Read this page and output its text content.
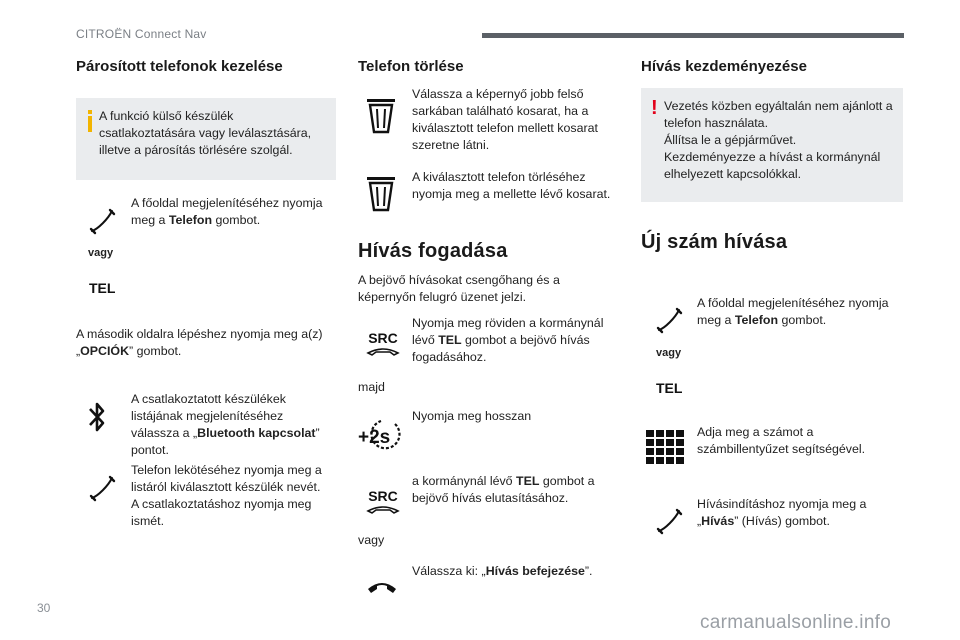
CITROËN Connect Nav
Párosított telefonok kezelése
A funkció külső készülék
csatlakoztatására vagy leválasztására,
illetve a párosítás törlésére szolgál.
A főoldal megjelenítéséhez nyomja
meg a Telefon gombot.
vagy
TEL
A második oldalra lépéshez nyomja meg a(z)
„OPCIÓK” gombot.
A csatlakoztatott készülékek
listájának megjelenítéséhez
válassza a „Bluetooth kapcsolat”
pontot.
Telefon lekötéséhez nyomja meg a
listáról kiválasztott készülék nevét.
A csatlakoztatáshoz nyomja meg
ismét.
Telefon törlése
Válassza a képernyő jobb felső
sarkában található kosarat, ha a
kiválasztott telefon mellett kosarat
szeretne látni.
A kiválasztott telefon törléséhez
nyomja meg a mellette lévő kosarat.
Hívás fogadása
A bejövő hívásokat csengőhang és a
képernyőn felugró üzenet jelzi.
SRC
Nyomja meg röviden a kormánynál
lévő TEL gombot a bejövő hívás
fogadásához.
majd
+2s
Nyomja meg hosszan
SRC
a kormánynál lévő TEL gombot a
bejövő hívás elutasításához.
vagy
Válassza ki: „Hívás befejezése”.
Hívás kezdeményezése
! Vezetés közben egyáltalán nem ajánlott a
telefon használata.
Állítsa le a gépjárművet.
Kezdeményezze a hívást a kormánynál
elhelyezett kapcsolókkal.
Új szám hívása
A főoldal megjelenítéséhez nyomja
meg a Telefon gombot.
vagy
TEL
Adja meg a számot a
számbillentyűzet segítségével.
Hívásindításhoz nyomja meg a
„Hívás” (Hívás) gombot.
30
carmanualsonline.info
